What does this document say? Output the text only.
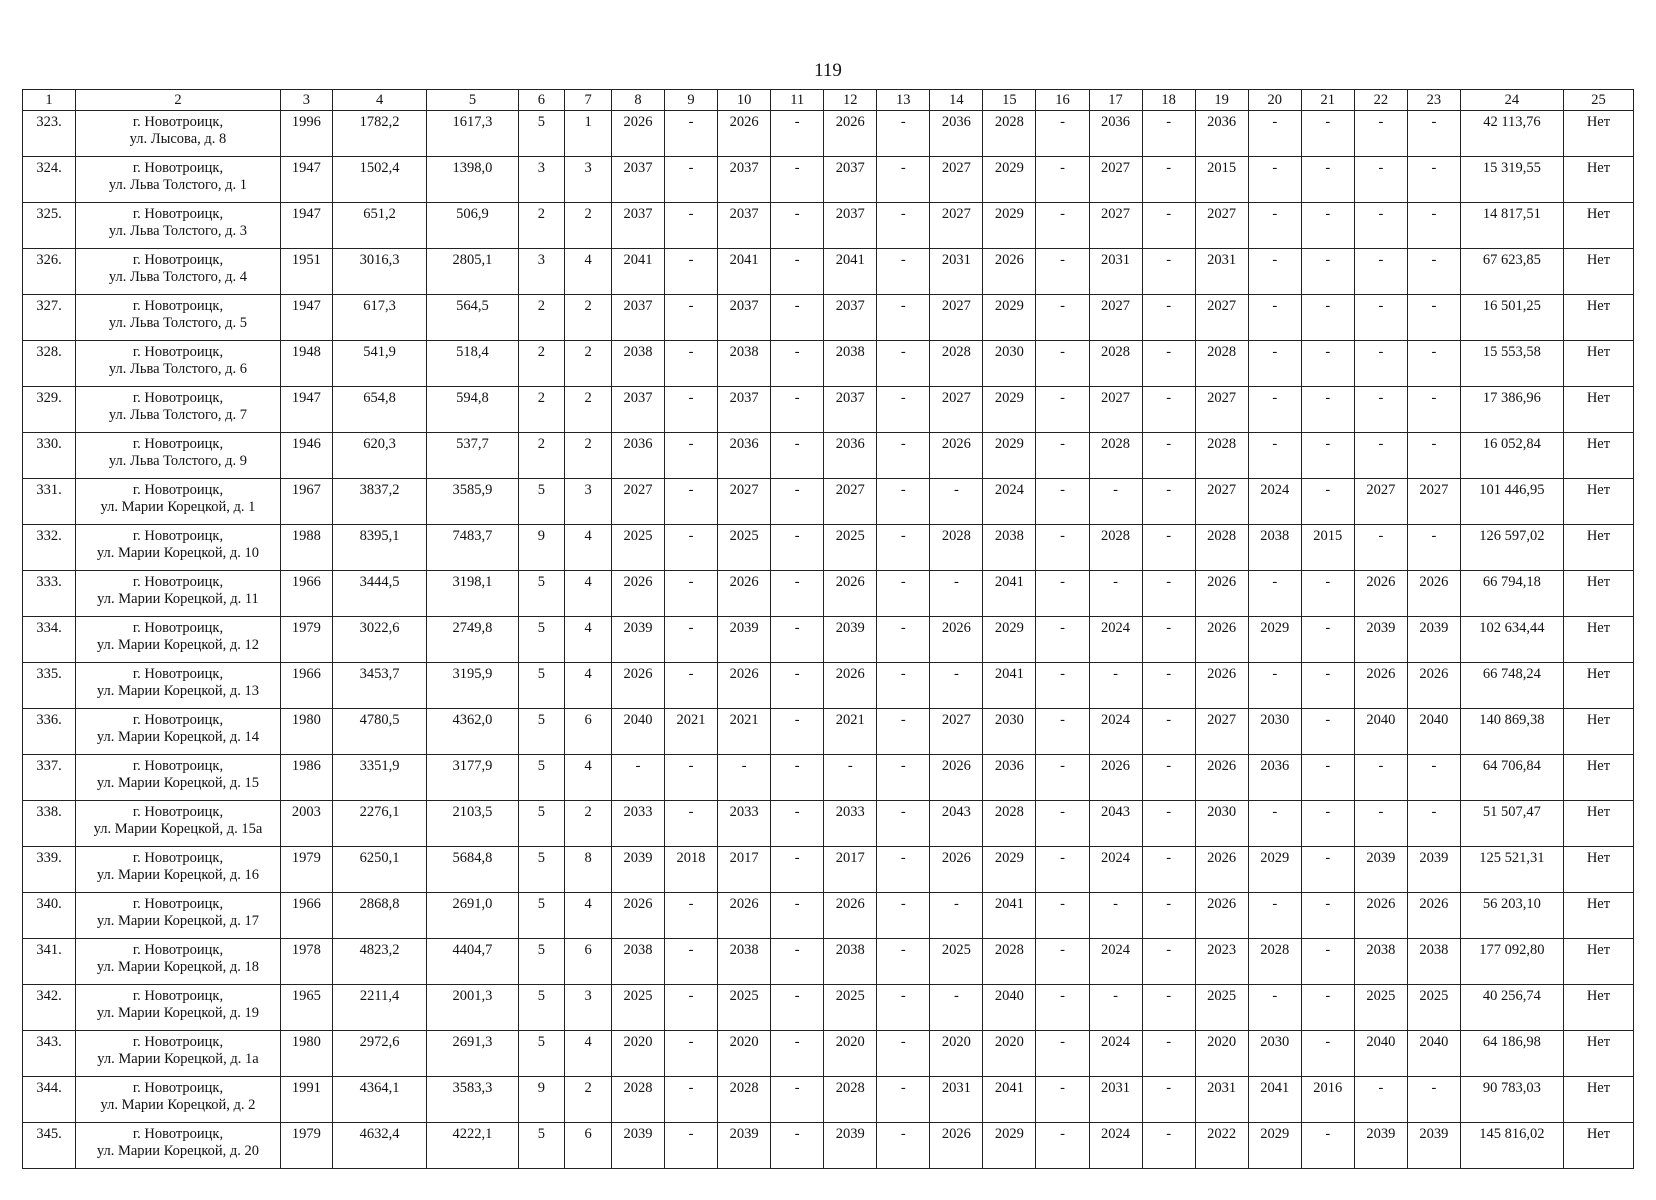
119
1	2	3	4	5	6	7	8	9	10	11	12	13	14	15	16	17	18	19	20	21	22	23	24	25
323.	г. Новотроицк,
ул. Лысова, д. 8	1996	1782,2	1617,3	5	1	2026	-	2026	-	2026	-	2036	2028	-	2036	-	2036	-	-	-	-	42 113,76	Нет
324.	г. Новотроицк,
ул. Льва Толстого, д. 1	1947	1502,4	1398,0	3	3	2037	-	2037	-	2037	-	2027	2029	-	2027	-	2015	-	-	-	-	15 319,55	Нет
325.	г. Новотроицк,
ул. Льва Толстого, д. 3	1947	651,2	506,9	2	2	2037	-	2037	-	2037	-	2027	2029	-	2027	-	2027	-	-	-	-	14 817,51	Нет
326.	г. Новотроицк,
ул. Льва Толстого, д. 4	1951	3016,3	2805,1	3	4	2041	-	2041	-	2041	-	2031	2026	-	2031	-	2031	-	-	-	-	67 623,85	Нет
327.	г. Новотроицк,
ул. Льва Толстого, д. 5	1947	617,3	564,5	2	2	2037	-	2037	-	2037	-	2027	2029	-	2027	-	2027	-	-	-	-	16 501,25	Нет
328.	г. Новотроицк,
ул. Льва Толстого, д. 6	1948	541,9	518,4	2	2	2038	-	2038	-	2038	-	2028	2030	-	2028	-	2028	-	-	-	-	15 553,58	Нет
329.	г. Новотроицк,
ул. Льва Толстого, д. 7	1947	654,8	594,8	2	2	2037	-	2037	-	2037	-	2027	2029	-	2027	-	2027	-	-	-	-	17 386,96	Нет
330.	г. Новотроицк,
ул. Льва Толстого, д. 9	1946	620,3	537,7	2	2	2036	-	2036	-	2036	-	2026	2029	-	2028	-	2028	-	-	-	-	16 052,84	Нет
331.	г. Новотроицк,
ул. Марии Корецкой, д. 1	1967	3837,2	3585,9	5	3	2027	-	2027	-	2027	-	-	2024	-	-	-	2027	2024	-	2027	2027	101 446,95	Нет
332.	г. Новотроицк,
ул. Марии Корецкой, д. 10	1988	8395,1	7483,7	9	4	2025	-	2025	-	2025	-	2028	2038	-	2028	-	2028	2038	2015	-	-	126 597,02	Нет
333.	г. Новотроицк,
ул. Марии Корецкой, д. 11	1966	3444,5	3198,1	5	4	2026	-	2026	-	2026	-	-	2041	-	-	-	2026	-	-	2026	2026	66 794,18	Нет
334.	г. Новотроицк,
ул. Марии Корецкой, д. 12	1979	3022,6	2749,8	5	4	2039	-	2039	-	2039	-	2026	2029	-	2024	-	2026	2029	-	2039	2039	102 634,44	Нет
335.	г. Новотроицк,
ул. Марии Корецкой, д. 13	1966	3453,7	3195,9	5	4	2026	-	2026	-	2026	-	-	2041	-	-	-	2026	-	-	2026	2026	66 748,24	Нет
336.	г. Новотроицк,
ул. Марии Корецкой, д. 14	1980	4780,5	4362,0	5	6	2040	2021	2021	-	2021	-	2027	2030	-	2024	-	2027	2030	-	2040	2040	140 869,38	Нет
337.	г. Новотроицк,
ул. Марии Корецкой, д. 15	1986	3351,9	3177,9	5	4	-	-	-	-	-	-	2026	2036	-	2026	-	2026	2036	-	-	-	64 706,84	Нет
338.	г. Новотроицк,
ул. Марии Корецкой, д. 15а	2003	2276,1	2103,5	5	2	2033	-	2033	-	2033	-	2043	2028	-	2043	-	2030	-	-	-	-	51 507,47	Нет
339.	г. Новотроицк,
ул. Марии Корецкой, д. 16	1979	6250,1	5684,8	5	8	2039	2018	2017	-	2017	-	2026	2029	-	2024	-	2026	2029	-	2039	2039	125 521,31	Нет
340.	г. Новотроицк,
ул. Марии Корецкой, д. 17	1966	2868,8	2691,0	5	4	2026	-	2026	-	2026	-	-	2041	-	-	-	2026	-	-	2026	2026	56 203,10	Нет
341.	г. Новотроицк,
ул. Марии Корецкой, д. 18	1978	4823,2	4404,7	5	6	2038	-	2038	-	2038	-	2025	2028	-	2024	-	2023	2028	-	2038	2038	177 092,80	Нет
342.	г. Новотроицк,
ул. Марии Корецкой, д. 19	1965	2211,4	2001,3	5	3	2025	-	2025	-	2025	-	-	2040	-	-	-	2025	-	-	2025	2025	40 256,74	Нет
343.	г. Новотроицк,
ул. Марии Корецкой, д. 1а	1980	2972,6	2691,3	5	4	2020	-	2020	-	2020	-	2020	2020	-	2024	-	2020	2030	-	2040	2040	64 186,98	Нет
344.	г. Новотроицк,
ул. Марии Корецкой, д. 2	1991	4364,1	3583,3	9	2	2028	-	2028	-	2028	-	2031	2041	-	2031	-	2031	2041	2016	-	-	90 783,03	Нет
345.	г. Новотроицк,
ул. Марии Корецкой, д. 20	1979	4632,4	4222,1	5	6	2039	-	2039	-	2039	-	2026	2029	-	2024	-	2022	2029	-	2039	2039	145 816,02	Нет
